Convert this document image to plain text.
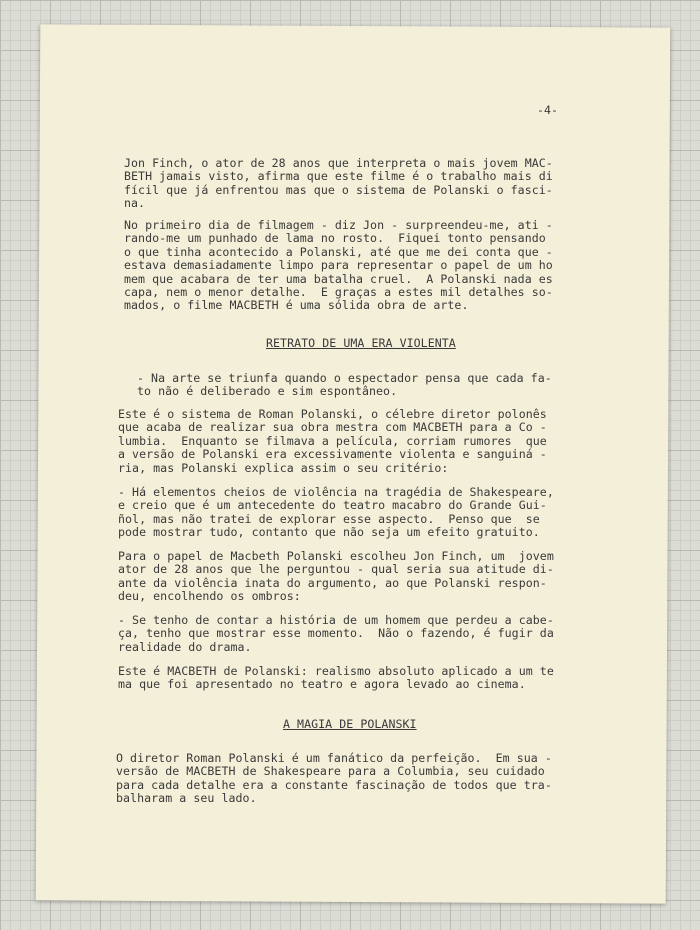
-4-
Jon Finch, o ator de 28 anos que interpreta o mais jovem MAC-
BETH jamais visto, afirma que este filme é o trabalho mais di
fícil que já enfrentou mas que o sistema de Polanski o fasci-
na.
No primeiro dia de filmagem - diz Jon - surpreendeu-me, ati -
rando-me um punhado de lama no rosto.  Fiquei tonto pensando
o que tinha acontecido a Polanski, até que me dei conta que -
estava demasiadamente limpo para representar o papel de um ho
mem que acabara de ter uma batalha cruel.  A Polanski nada es
capa, nem o menor detalhe.  E graças a estes mil detalhes so-
mados, o filme MACBETH é uma sólida obra de arte.
RETRATO DE UMA ERA VIOLENTA
- Na arte se triunfa quando o espectador pensa que cada fa-
to não é deliberado e sim espontâneo.
Este é o sistema de Roman Polanski, o célebre diretor polonês
que acaba de realizar sua obra mestra com MACBETH para a Co -
lumbia.  Enquanto se filmava a película, corriam rumores  que
a versão de Polanski era excessivamente violenta e sanguiná -
ria, mas Polanski explica assim o seu critério:
- Há elementos cheios de violência na tragédia de Shakespeare,
e creio que é um antecedente do teatro macabro do Grande Gui-
ñol, mas não tratei de explorar esse aspecto.  Penso que  se
pode mostrar tudo, contanto que não seja um efeito gratuito.
Para o papel de Macbeth Polanski escolheu Jon Finch, um  jovem
ator de 28 anos que lhe perguntou - qual seria sua atitude di-
ante da violência inata do argumento, ao que Polanski respon-
deu, encolhendo os ombros:
- Se tenho de contar a história de um homem que perdeu a cabe-
ça, tenho que mostrar esse momento.  Não o fazendo, é fugir da
realidade do drama.
Este é MACBETH de Polanski: realismo absoluto aplicado a um te
ma que foi apresentado no teatro e agora levado ao cinema.
A MAGIA DE POLANSKI
O diretor Roman Polanski é um fanático da perfeição.  Em sua -
versão de MACBETH de Shakespeare para a Columbia, seu cuidado
para cada detalhe era a constante fascinação de todos que tra-
balharam a seu lado.
